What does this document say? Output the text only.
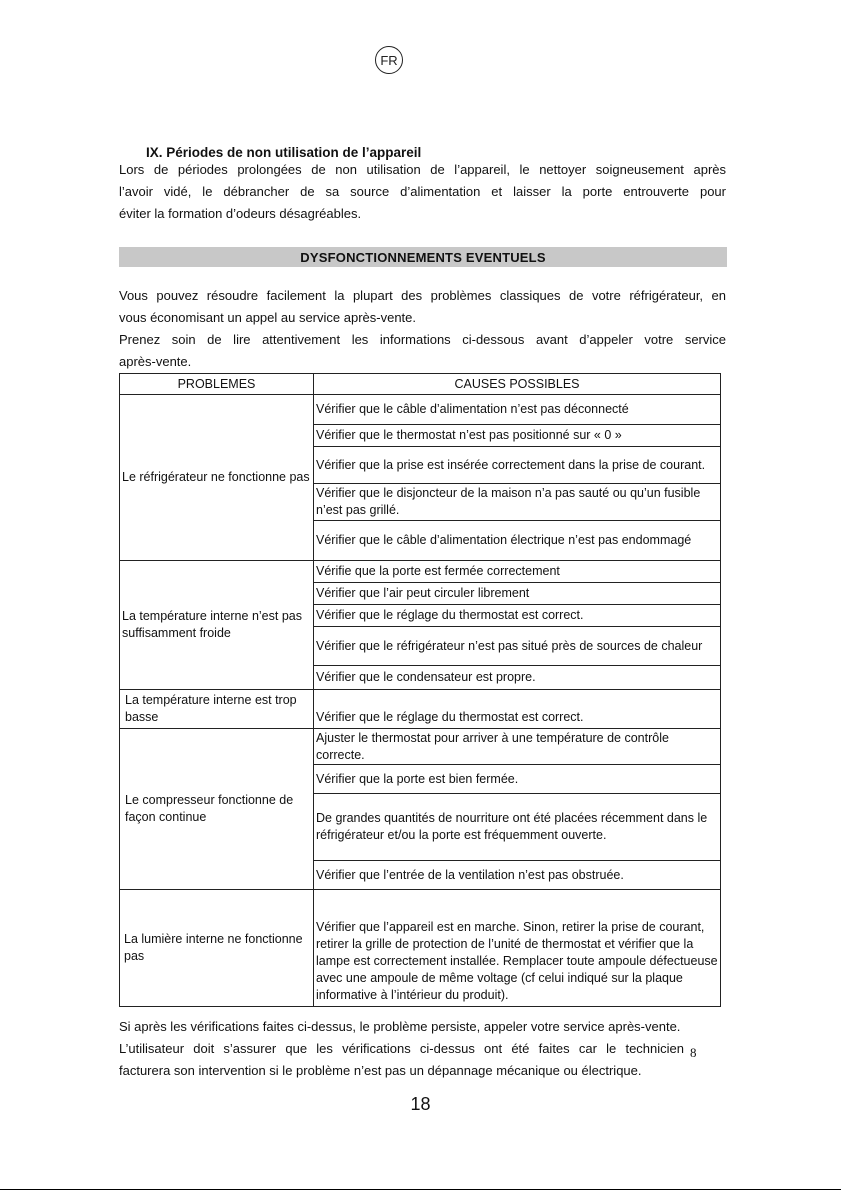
FR
IX. Périodes de non utilisation de l’appareil
Lors de périodes prolongées de non utilisation de l’appareil, le nettoyer soigneusement après
l’avoir vidé, le débrancher de sa source d’alimentation et laisser la porte entrouverte pour
éviter la formation d’odeurs désagréables.
DYSFONCTIONNEMENTS EVENTUELS
Vous pouvez résoudre facilement la plupart des problèmes classiques de votre réfrigérateur, en
vous économisant un appel au service après-vente.
Prenez soin de lire attentivement les informations ci-dessous avant d’appeler votre service
après-vente.
PROBLEMES	CAUSES POSSIBLES
Le réfrigérateur ne fonctionne pas	Vérifier que le câble d’alimentation n’est pas déconnecté
	Vérifier que le thermostat n’est pas positionné sur « 0 »
	Vérifier que la prise est insérée correctement dans la prise de courant.
	Vérifier que le disjoncteur de la maison n’a pas sauté ou qu’un fusible n’est pas grillé.
	Vérifier que le câble d’alimentation électrique n’est pas endommagé
La température interne n’est pas suffisamment froide	Vérifie que la porte est fermée correctement
	Vérifier que l’air peut circuler librement
	Vérifier que le réglage du thermostat est correct.
	Vérifier que le réfrigérateur n’est pas situé près de sources de chaleur
	Vérifier que le condensateur est propre.
La température interne est trop basse	Vérifier que le réglage du thermostat est correct.
Le compresseur fonctionne de façon continue	Ajuster le thermostat pour arriver à une température de contrôle correcte.
	Vérifier que la porte est bien fermée.
	De grandes quantités de nourriture ont été placées récemment dans le réfrigérateur et/ou la porte est fréquemment ouverte.
	Vérifier que l’entrée de la ventilation n’est pas obstruée.
La lumière interne ne fonctionne pas	Vérifier que l’appareil est en marche. Sinon, retirer la prise de courant, retirer la grille de protection de l’unité de thermostat et vérifier que la lampe est correctement installée. Remplacer toute ampoule défectueuse avec une ampoule de même voltage (cf celui indiqué sur la plaque informative à l’intérieur du produit).
Si après les vérifications faites ci-dessus, le problème persiste, appeler votre service après-vente.
L’utilisateur doit s’assurer que les vérifications ci-dessus ont été faites car le technicien
facturera son intervention si le problème n’est pas un dépannage mécanique ou électrique.
8
18
